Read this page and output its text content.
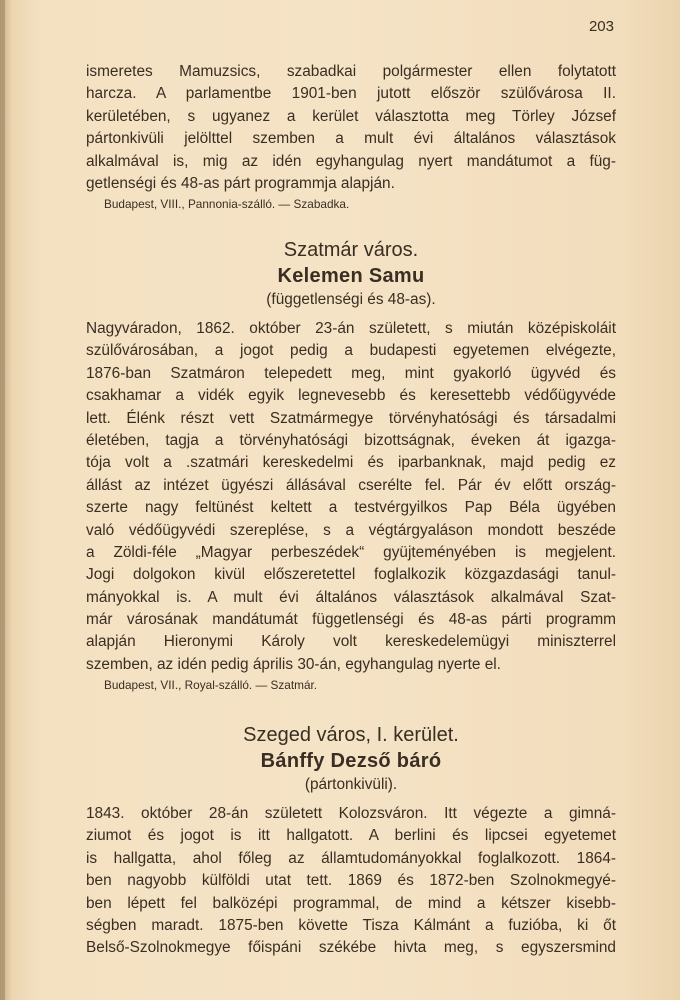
203
ismeretes Mamuzsics, szabadkai polgármester ellen folytatott
harcza. A parlamentbe 1901-ben jutott először szülővárosa II.
kerületében, s ugyanez a kerület választotta meg Törley József
pártonkivüli jelölttel szemben a mult évi általános választások
alkalmával is, mig az idén egyhangulag nyert mandátumot a füg-
getlenségi és 48-as párt programmja alapján.
Budapest, VIII., Pannonia-szálló. — Szabadka.
Szatmár város.
Kelemen Samu
(függetlenségi és 48-as).
Nagyváradon, 1862. október 23-án született, s miután középiskoláit
szülővárosában, a jogot pedig a budapesti egyetemen elvégezte,
1876-ban Szatmáron telepedett meg, mint gyakorló ügyvéd és
csakhamar a vidék egyik legnevesebb és keresettebb védőügyvéde
lett. Élénk részt vett Szatmármegye törvényhatósági és társadalmi
életében, tagja a törvényhatósági bizottságnak, éveken át igazga-
tója volt a .szatmári kereskedelmi és iparbanknak, majd pedig ez
állást az intézet ügyészi állásával cserélte fel. Pár év előtt ország-
szerte nagy feltünést keltett a testvérgyilkos Pap Béla ügyében
való védőügyvédi szereplése, s a végtárgyaláson mondott beszéde
a Zöldi-féle „Magyar perbeszédek“ gyüjteményében is megjelent.
Jogi dolgokon kivül előszeretettel foglalkozik közgazdasági tanul-
mányokkal is. A mult évi általános választások alkalmával Szat-
már városának mandátumát függetlenségi és 48-as párti programm
alapján Hieronymi Károly volt kereskedelemügyi miniszterrel
szemben, az idén pedig április 30-án, egyhangulag nyerte el.
Budapest, VII., Royal-szálló. — Szatmár.
Szeged város, I. kerület.
Bánffy Dezső báró
(pártonkivüli).
1843. október 28-án született Kolozsváron. Itt végezte a gimná-
ziumot és jogot is itt hallgatott. A berlini és lipcsei egyetemet
is hallgatta, ahol főleg az államtudományokkal foglalkozott. 1864-
ben nagyobb külföldi utat tett. 1869 és 1872-ben Szolnokmegyé-
ben lépett fel balközépi programmal, de mind a kétszer kisebb-
ségben maradt. 1875-ben követte Tisza Kálmánt a fuzióba, ki őt
Belső-Szolnokmegye főispáni székébe hivta meg, s egyszersmind
